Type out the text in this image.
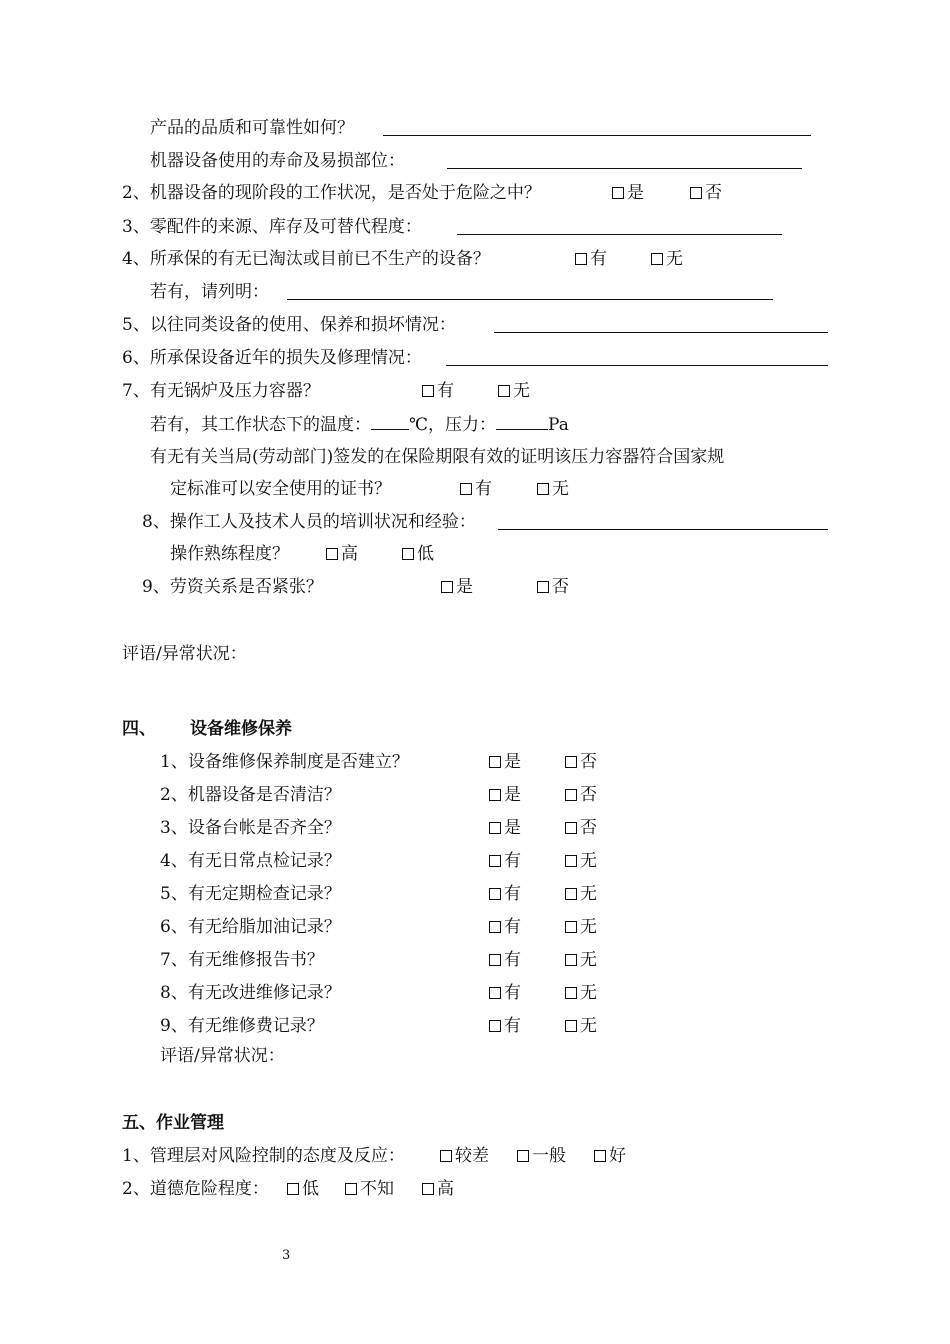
产品的品质和可靠性如何？
机器设备使用的寿命及易损部位：
2、机器设备的现阶段的工作状况，是否处于危险之中？	是	否
3、零配件的来源、库存及可替代程度：
4、所承保的有无已淘汰或目前已不生产的设备？	有	无
若有，请列明：
5、以往同类设备的使用、保养和损坏情况：
6、所承保设备近年的损失及修理情况：
7、有无锅炉及压力容器？	有	无
若有，其工作状态下的温度： ℃，压力：	Pa
有无有关当局(劳动部门)签发的在保险期限有效的证明该压力容器符合国家规
定标准可以安全使用的证书？	有	无
8、操作工人及技术人员的培训状况和经验：
操作熟练程度？	高	低
9、劳资关系是否紧张？	是	否
评语/异常状况：
四、 设备维修保养
1、设备维修保养制度是否建立？	是	否
2、机器设备是否清洁？	是	否
3、设备台帐是否齐全？	是	否
4、有无日常点检记录？	有	无
5、有无定期检查记录？	有	无
6、有无给脂加油记录？	有	无
7、有无维修报告书？	有	无
8、有无改进维修记录？	有	无
9、有无维修费记录？	有	无
评语/异常状况：
五、作业管理
1、管理层对风险控制的态度及反应：	较差	一般	好
2、道德危险程度：	低	不知	高
3
